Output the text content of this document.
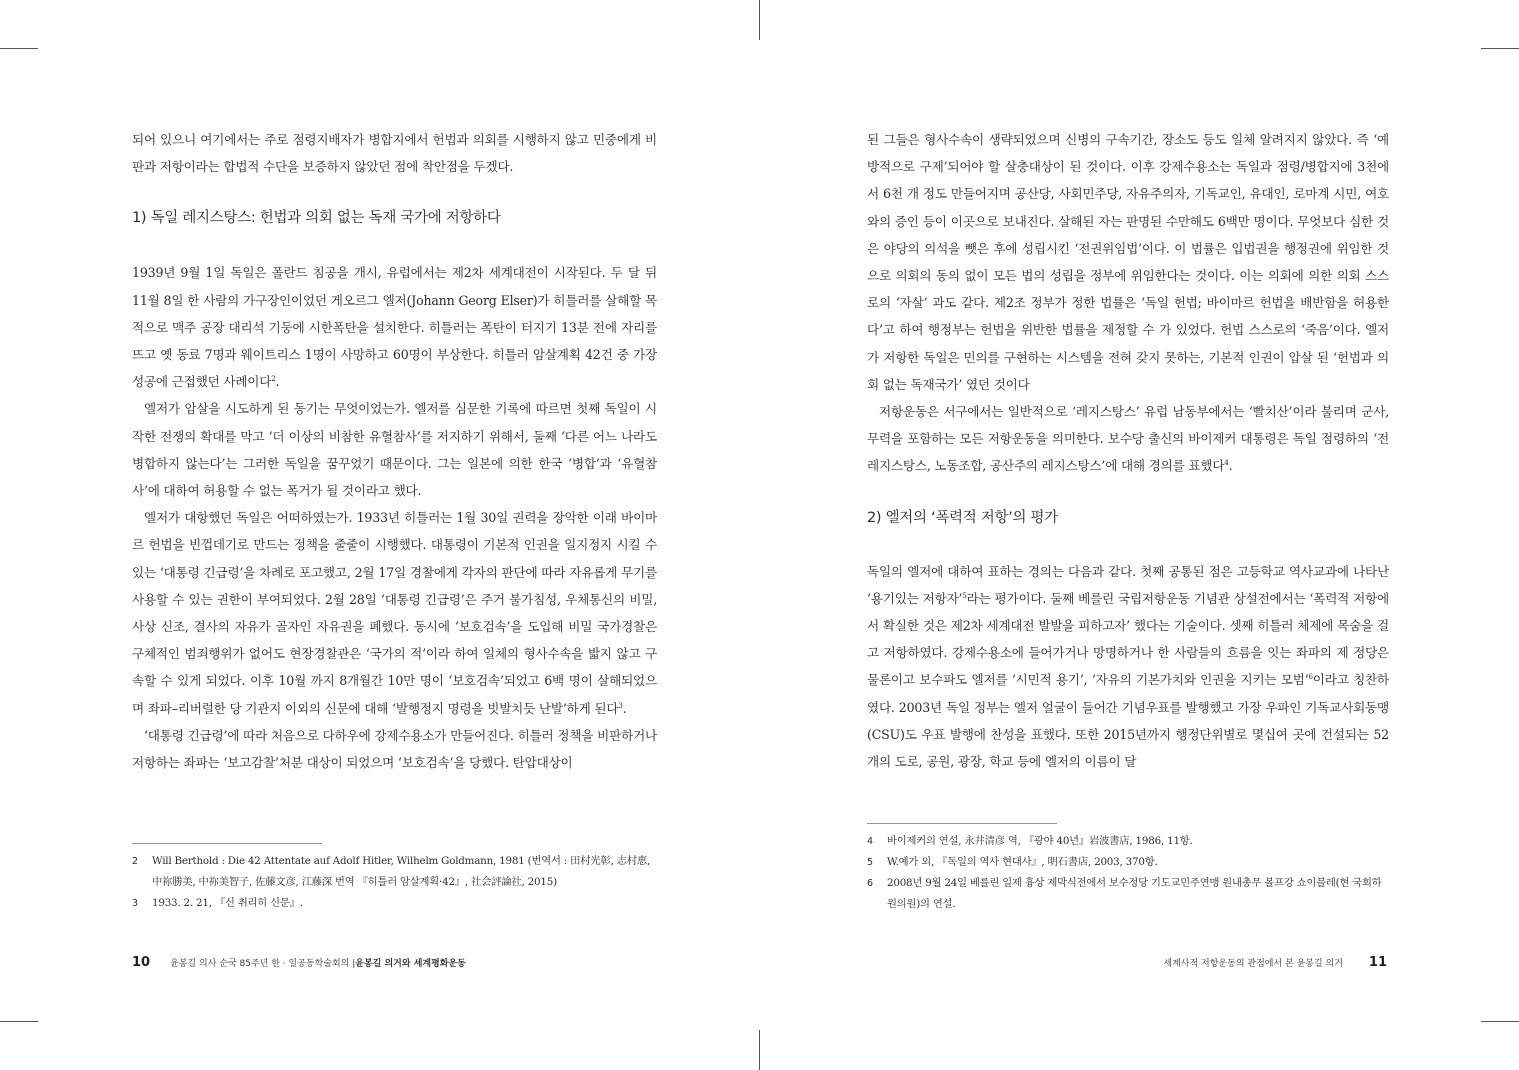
되어 있으니 여기에서는 주로 점령지배자가 병합지에서 헌법과 의회를 시행하지 않고 민중에게 비판과 저항이라는 합법적 수단을 보증하지 않았던 점에 착안점을 두겠다.

1) 독일 레지스탕스: 헌법과 의회 없는 독재 국가에 저항하다

1939년 9월 1일 독일은 폴란드 침공을 개시, 유럽에서는 제2차 세계대전이 시작된다. 두 달 뒤 11월 8일 한 사람의 가구장인이었던 게오르그 엘저(Johann Georg Elser)가 히틀러를 살해할 목적으로 맥주 공장 대리석 기둥에 시한폭탄을 설치한다. 히틀러는 폭탄이 터지기 13분 전에 자리를 뜨고 옛 동료 7명과 웨이트리스 1명이 사망하고 60명이 부상한다. 히틀러 암살계획 42건 중 가장 성공에 근접했던 사례이다$^2$.

엘저가 암살을 시도하게 된 동기는 무엇이었는가. 엘저를 심문한 기록에 따르면 첫째 독일이 시작한 전쟁의 확대를 막고 ‘더 이상의 비참한 유혈참사’를 저지하기 위해서, 둘째 ‘다른 어느 나라도 병합하지 않는다’는 그러한 독일을 꿈꾸었기 때문이다. 그는 일본에 의한 한국 ‘병합’과 ‘유혈참사’에 대하여 허용할 수 없는 폭거가 될 것이라고 했다.

엘저가 대항했던 독일은 어떠하였는가. 1933년 히틀러는 1월 30일 권력을 장악한 이래 바이마르 헌법을 빈껍데기로 만드는 정책을 줄줄이 시행했다. 대통령이 기본적 인권을 일지정지 시킬 수 있는 ‘대통령 긴급령’을 차례로 포고했고, 2월 17일 경찰에게 각자의 판단에 따라 자유롭게 무기를 사용할 수 있는 권한이 부여되었다. 2월 28일 ‘대통령 긴급령’은 주거 불가침성, 우체통신의 비밀, 사상 신조, 결사의 자유가 골자인 자유권을 폐했다. 동시에 ‘보호검속’을 도입해 비밀 국가경찰은 구체적인 범죄행위가 없어도 현장경찰관은 ‘국가의 적’이라 하여 일체의 형사수속을 밟지 않고 구속할 수 있게 되었다. 이후 10월 까지 8개월간 10만 명이 ‘보호검속’되었고 6백 명이 살해되었으며 좌파–리버럴한 당 기관지 이외의 신문에 대해 ‘발행정지 명령을 빗발치듯 난발’하게 된다$^3$.

‘대통령 긴급령’에 따라 처음으로 다하우에 강제수용소가 만들어진다. 히틀러 정책을 비판하거나 저항하는 좌파는 ‘보고감찰’처분 대상이 되었으며 ‘보호검속’을 당했다. 탄압대상이

2	Will Berthold : Die 42 Attentate auf Adolf Hitler, Wilhelm Goldmann, 1981 (번역서 : 田村光彰, 志村恵, 中祢勝美, 中祢美智子, 佐藤文彦, 江藤深 번역 『히틀러 암살계획·42』, 社会評論社, 2015)
3	1933. 2. 21, 『신 취리히 신문』.
10 윤봉길 의사 순국 85주년 한 · 일공동학술회의 | 윤봉길 의거와 세계평화운동

된 그들은 형사수속이 생략되었으며 신병의 구속기간, 장소도 등도 일체 알려지지 않았다. 즉 ‘예방적으로 구제’되어야 할 살충대상이 된 것이다. 이후 강제수용소는 독일과 점령/병합지에 3천에서 6천 개 정도 만들어지며 공산당, 사회민주당, 자유주의자, 기독교인, 유대인, 로마계 시민, 여호와의 증인 등이 이곳으로 보내진다. 살해된 자는 판명된 수만해도 6백만 명이다. 무엇보다 심한 것은 야당의 의석을 뺏은 후에 성립시킨 ‘전권위임법’이다. 이 법률은 입법권을 행정권에 위임한 것으로 의회의 동의 없이 모든 법의 성립을 정부에 위임한다는 것이다. 이는 의회에 의한 의회 스스로의 ‘자살’ 과도 같다. 제2조 정부가 정한 법률은 ‘독일 헌법; 바이마르 헌법을 배반함을 허용한다’고 하여 행정부는 헌법을 위반한 법률을 제정할 수 가 있었다. 헌법 스스로의 ‘죽음’이다. 엘저가 저항한 독일은 민의를 구현하는 시스템을 전혀 갖지 못하는, 기본적 인권이 압살 된 ‘헌법과 의회 없는 독재국가’ 였던 것이다

저항운동은 서구에서는 일반적으로 ‘레지스탕스’ 유럽 남동부에서는 ‘빨치산’이라 불리며 군사, 무력을 포함하는 모든 저항운동을 의미한다. 보수당 출신의 바이제커 대통령은 독일 점령하의 ‘전 레지스탕스, 노동조합, 공산주의 레지스탕스’에 대해 경의를 표했다$^4$.

2) 엘저의 ‘폭력적 저항’의 평가

독일의 엘저에 대하여 표하는 경의는 다음과 같다. 첫째 공통된 점은 고등학교 역사교과에 나타난 ‘용기있는 저항자’$^5$라는 평가이다. 둘째 베를린 국립저항운동 기념관 상설전에서는 ‘폭력적 저항에서 확실한 것은 제2차 세계대전 발발을 피하고자’ 했다는 기술이다. 셋째 히틀러 체제에 목숨을 걸고 저항하였다. 강제수용소에 들어가거나 망명하거나 한 사람들의 흐름을 잇는 좌파의 제 정당은 물론이고 보수파도 엘저를 ‘시민적 용기’, ‘자유의 기본가치와 인권을 지키는 모범’$^6$이라고 칭찬하였다. 2003년 독일 정부는 엘저 얼굴이 들어간 기념우표를 발행했고 가장 우파인 기독교사회동맹(CSU)도 우표 발행에 찬성을 표했다. 또한 2015년까지 행정단위별로 몇십여 곳에 건설되는 52개의 도로, 공원, 광장, 학교 등에 엘저의 이름이 달

4	바이제커의 연설, 永井清彦 역, 『광야 40년』岩波書店, 1986, 11항.
5	W.예가 외, 『독일의 역사 현대사』, 明石書店, 2003, 370항.
6	2008년 9월 24일 베를린 일제 흉상 제막식전에서 보수정당 기도교민주연맹 원내총무 볼프강 쇼이블레(현 국회하원의원)의 연설.
세계사적 저항운동의 관점에서 본 윤봉길 의거 11
